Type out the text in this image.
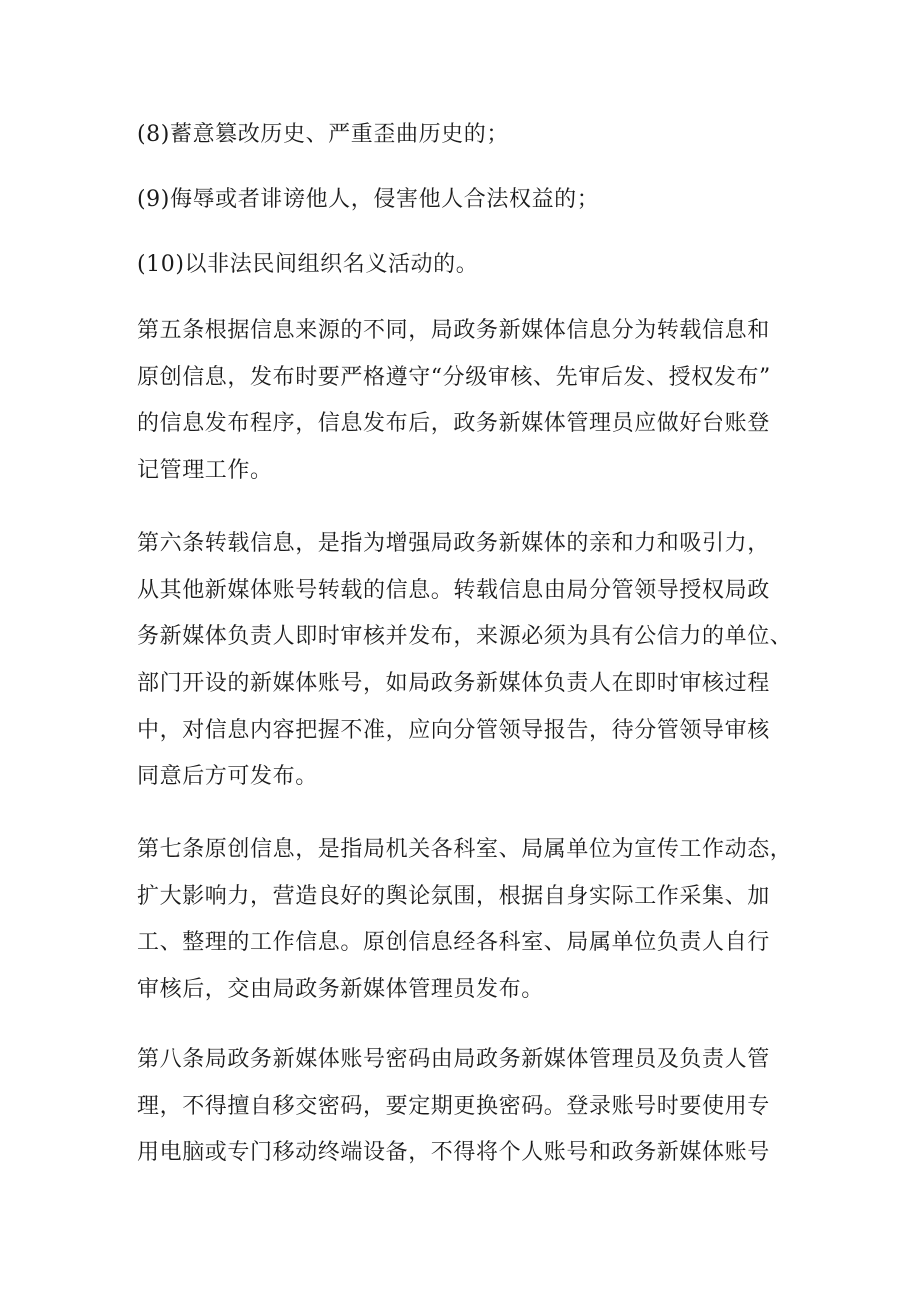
(8)蓄意篡改历史、严重歪曲历史的；
(9)侮辱或者诽谤他人，侵害他人合法权益的；
(10)以非法民间组织名义活动的。
第五条根据信息来源的不同，局政务新媒体信息分为转载信息和
原创信息，发布时要严格遵守“分级审核、先审后发、授权发布”
的信息发布程序，信息发布后，政务新媒体管理员应做好台账登
记管理工作。
第六条转载信息，是指为增强局政务新媒体的亲和力和吸引力，
从其他新媒体账号转载的信息。转载信息由局分管领导授权局政
务新媒体负责人即时审核并发布，来源必须为具有公信力的单位、
部门开设的新媒体账号，如局政务新媒体负责人在即时审核过程
中，对信息内容把握不准，应向分管领导报告，待分管领导审核
同意后方可发布。
第七条原创信息，是指局机关各科室、局属单位为宣传工作动态，
扩大影响力，营造良好的舆论氛围，根据自身实际工作采集、加
工、整理的工作信息。原创信息经各科室、局属单位负责人自行
审核后，交由局政务新媒体管理员发布。
第八条局政务新媒体账号密码由局政务新媒体管理员及负责人管
理，不得擅自移交密码，要定期更换密码。登录账号时要使用专
用电脑或专门移动终端设备，不得将个人账号和政务新媒体账号
